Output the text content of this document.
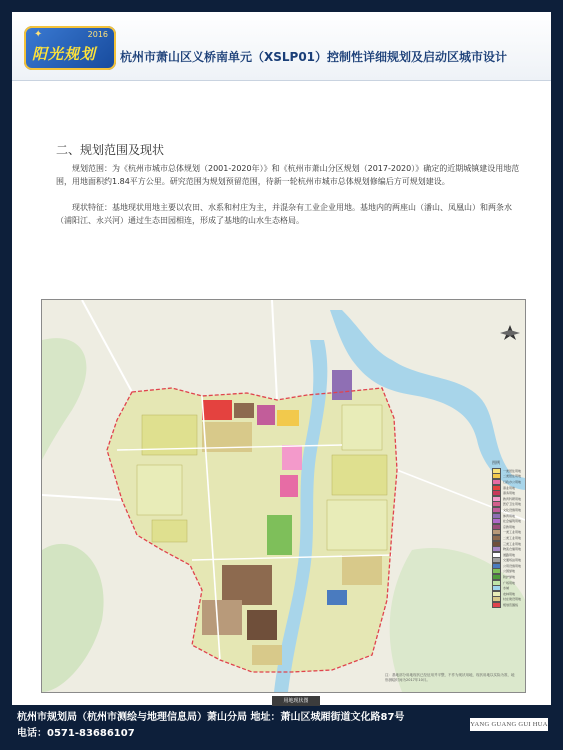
✦	2016
阳光规划 杭州市萧山区义桥南单元（XSLP01）控制性详细规划及启动区城市设计
二、规划范围及现状
规划范围：为《杭州市城市总体规划（2001-2020年）》和《杭州市萧山分区规划（2017-2020）》确定的近期城镇建设用地范围，用地面积约1.84平方公里。研究范围为规划预留范围，待新一轮杭州市城市总体规划修编后方可规划建设。
现状特征：基地现状用地主要以农田、水系和村庄为主，并混杂有工业企业用地。基地内的两座山（潘山、凤凰山）和两条水（浦阳江、永兴河）通过生态田园相连，形成了基地的山水生态格局。
图例
一类居住用地
二类居住用地
行政办公用地
商业用地
商务用地
教育科研用地
医疗卫生用地
文化设施用地
体育用地
社会福利用地
宗教用地
一类工业用地
二类工业用地
三类工业用地
物流仓储用地
道路用地
交通场站用地
公用设施用地
公园绿地
防护绿地
广场用地
水域
农林用地
村庄建设用地
规划范围线
注：基地部分用地现状已经征用并平整，不作为现状用地，现状用地以实际为准，地形测绘时间为2017年10月。
用地现状图
杭州市规划局（杭州市测绘与地理信息局）萧山分局 地址：萧山区城厢街道文化路87号
电话：0571-83686107
YANG GUANG GUI HUA
